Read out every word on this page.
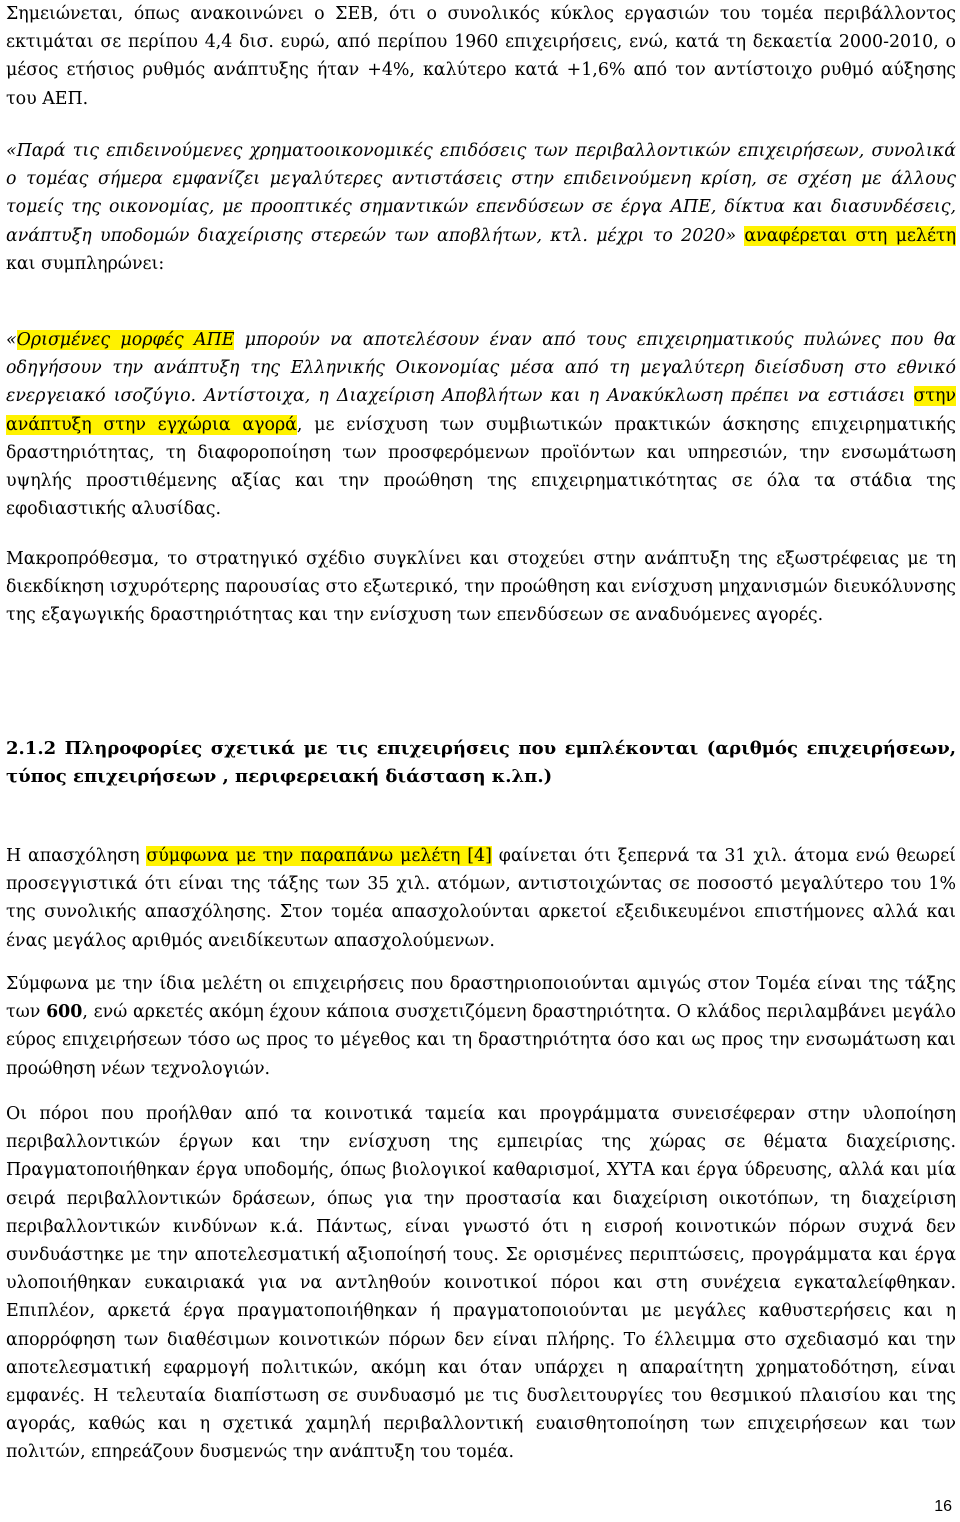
Σημειώνεται, όπως ανακοινώνει ο ΣΕΒ, ότι ο συνολικός κύκλος εργασιών του τομέα περιβάλλοντος εκτιμάται σε περίπου 4,4 δισ. ευρώ, από περίπου 1960 επιχειρήσεις, ενώ, κατά τη δεκαετία 2000-2010, ο μέσος ετήσιος ρυθμός ανάπτυξης ήταν +4%, καλύτερο κατά +1,6% από τον αντίστοιχο ρυθμό αύξησης του ΑΕΠ.

«Παρά τις επιδεινούμενες χρηματοοικονομικές επιδόσεις των περιβαλλοντικών επιχειρήσεων, συνολικά ο τομέας σήμερα εμφανίζει μεγαλύτερες αντιστάσεις στην επιδεινούμενη κρίση, σε σχέση με άλλους τομείς της οικονομίας, με προοπτικές σημαντικών επενδύσεων σε έργα ΑΠΕ, δίκτυα και διασυνδέσεις, ανάπτυξη υποδομών διαχείρισης στερεών των αποβλήτων, κτλ. μέχρι το 2020» αναφέρεται στη μελέτη και συμπληρώνει:

«Ορισμένες μορφές ΑΠΕ μπορούν να αποτελέσουν έναν από τους επιχειρηματικούς πυλώνες που θα οδηγήσουν την ανάπτυξη της Ελληνικής Οικονομίας μέσα από τη μεγαλύτερη διείσδυση στο εθνικό ενεργειακό ισοζύγιο. Αντίστοιχα, η Διαχείριση Αποβλήτων και η Ανακύκλωση πρέπει να εστιάσει στην ανάπτυξη στην εγχώρια αγορά, με ενίσχυση των συμβιωτικών πρακτικών άσκησης επιχειρηματικής δραστηριότητας, τη διαφοροποίηση των προσφερόμενων προϊόντων και υπηρεσιών, την ενσωμάτωση υψηλής προστιθέμενης αξίας και την προώθηση της επιχειρηματικότητας σε όλα τα στάδια της εφοδιαστικής αλυσίδας.

Μακροπρόθεσμα, το στρατηγικό σχέδιο συγκλίνει και στοχεύει στην ανάπτυξη της εξωστρέφειας με τη διεκδίκηση ισχυρότερης παρουσίας στο εξωτερικό, την προώθηση και ενίσχυση μηχανισμών διευκόλυνσης της εξαγωγικής δραστηριότητας και την ενίσχυση των επενδύσεων σε αναδυόμενες αγορές.

2.1.2 Πληροφορίες σχετικά με τις επιχειρήσεις που εμπλέκονται (αριθμός επιχειρήσεων, τύπος επιχειρήσεων , περιφερειακή διάσταση κ.λπ.)

Η απασχόληση σύμφωνα με την παραπάνω μελέτη [4] φαίνεται ότι ξεπερνά τα 31 χιλ. άτομα ενώ θεωρεί προσεγγιστικά ότι είναι της τάξης των 35 χιλ. ατόμων, αντιστοιχώντας σε ποσοστό μεγαλύτερο του 1% της συνολικής απασχόλησης. Στον τομέα απασχολούνται αρκετοί εξειδικευμένοι επιστήμονες αλλά και ένας μεγάλος αριθμός ανειδίκευτων απασχολούμενων.

Σύμφωνα με την ίδια μελέτη οι επιχειρήσεις που δραστηριοποιούνται αμιγώς στον Τομέα είναι της τάξης των 600, ενώ αρκετές ακόμη έχουν κάποια συσχετιζόμενη δραστηριότητα. Ο κλάδος περιλαμβάνει μεγάλο εύρος επιχειρήσεων τόσο ως προς το μέγεθος και τη δραστηριότητα όσο και ως προς την ενσωμάτωση και προώθηση νέων τεχνολογιών.

Οι πόροι που προήλθαν από τα κοινοτικά ταμεία και προγράμματα συνεισέφεραν στην υλοποίηση περιβαλλοντικών έργων και την ενίσχυση της εμπειρίας της χώρας σε θέματα διαχείρισης. Πραγματοποιήθηκαν έργα υποδομής, όπως βιολογικοί καθαρισμοί, ΧΥΤΑ και έργα ύδρευσης, αλλά και μία σειρά περιβαλλοντικών δράσεων, όπως για την προστασία και διαχείριση οικοτόπων, τη διαχείριση περιβαλλοντικών κινδύνων κ.ά. Πάντως, είναι γνωστό ότι η εισροή κοινοτικών πόρων συχνά δεν συνδυάστηκε με την αποτελεσματική αξιοποίησή τους. Σε ορισμένες περιπτώσεις, προγράμματα και έργα υλοποιήθηκαν ευκαιριακά για να αντληθούν κοινοτικοί πόροι και στη συνέχεια εγκαταλείφθηκαν. Επιπλέον, αρκετά έργα πραγματοποιήθηκαν ή πραγματοποιούνται με μεγάλες καθυστερήσεις και η απορρόφηση των διαθέσιμων κοινοτικών πόρων δεν είναι πλήρης. Το έλλειμμα στο σχεδιασμό και την αποτελεσματική εφαρμογή πολιτικών, ακόμη και όταν υπάρχει η απαραίτητη χρηματοδότηση, είναι εμφανές. Η τελευταία διαπίστωση σε συνδυασμό με τις δυσλειτουργίες του θεσμικού πλαισίου και της αγοράς, καθώς και η σχετικά χαμηλή περιβαλλοντική ευαισθητοποίηση των επιχειρήσεων και των πολιτών, επηρεάζουν δυσμενώς την ανάπτυξη του τομέα.

16
